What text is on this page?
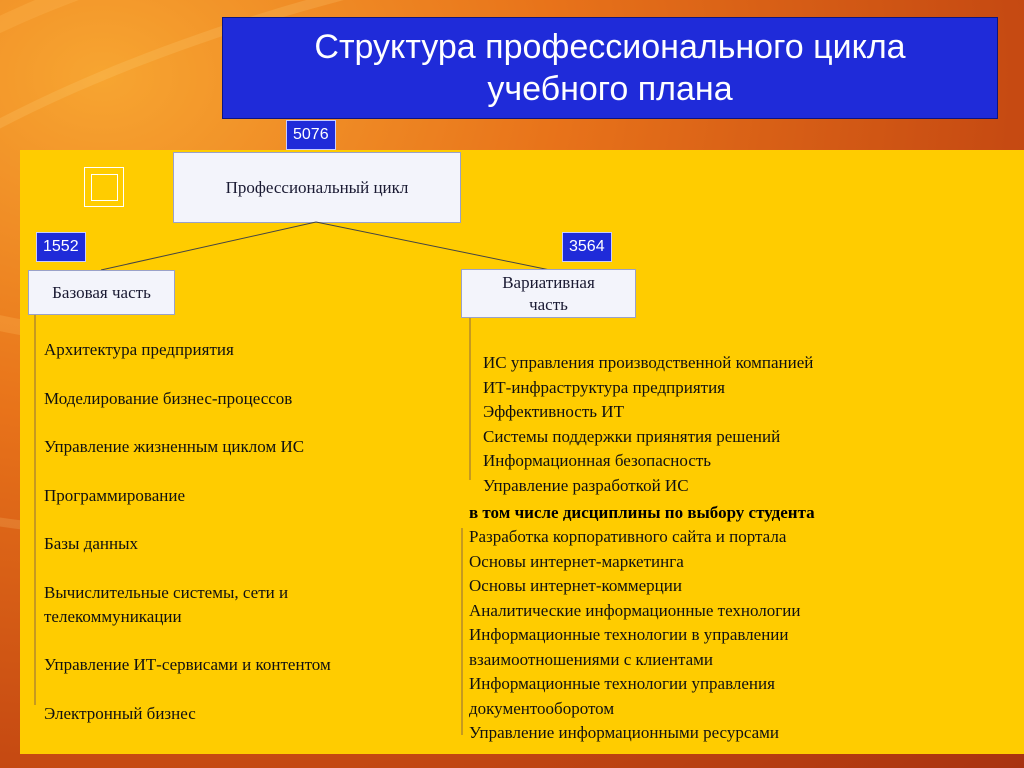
Структура профессионального цикла учебного плана
5076
Профессиональный цикл
1552	3564
Базовая часть
Вариативная часть
Архитектура предприятия
Моделирование бизнес-процессов
Управление жизненным циклом ИС
Программирование
Базы данных
Вычислительные системы, сети и
телекоммуникации
Управление ИТ-сервисами и контентом
Электронный бизнес
ИС управления производственной компанией
ИТ-инфраструктура предприятия
Эффективность ИТ
Системы поддержки приянятия решений
Информационная безопасность
Управление разработкой ИС
в том числе дисциплины по выбору студента
Разработка корпоративного сайта и портала
Основы интернет-маркетинга
Основы интернет-коммерции
Аналитические информационные технологии
Информационные технологии в управлении
взаимоотношениями с клиентами
Информационные технологии управления
документооборотом
Управление информационными ресурсами
